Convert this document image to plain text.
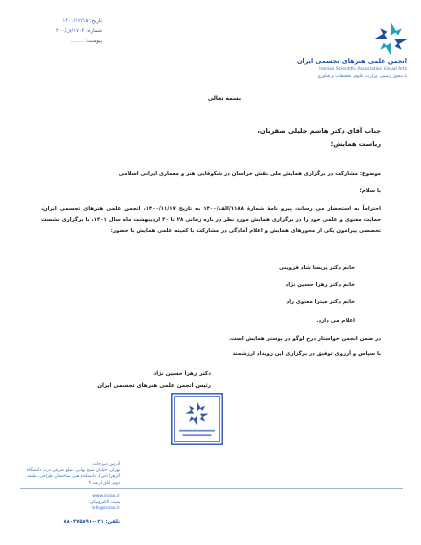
انجمن علمی هنرهای تجسمی ایران
Iranian Scientific Association Visual Arts
با مجوز رسمی وزارت علوم، تحقیقات و فناوری
تاریخ: ۱۴۰۰/۱۲/۱۵
شماره: ۱۷۰۴/ف/۴۰۰
پیوست: ........
بسمه تعالی
جناب آقای دکتر هاشم جلیلی صفریان،
ریاست همایش؛
موضوع: مشارکت در برگزاری همایش ملی نقش خراسان در شکوفایی هنر و معماری ایرانی اسلامی
با سلام؛
احتراماً به استحضار می رساند، پیرو نامهٔ شمارهٔ ۱۱۸۸/الف/۱۴۰۰ به تاریخ ۱۴۰۰/۱۱/۱۷، انجمن علمی هنرهای تجسمی ایران، حمایت معنوی و علمی خود را در برگزاری همایش مورد نظر در بازه زمانی ۲۸ تا ۳۰ اردیبهشت ماه سال ۱۴۰۱، با برگزاری نشست تخصصی پیرامون یکی از محورهای همایش و اعلام آمادگی در مشارکت با کمیته علمی همایش با حضور:
خانم دکتر پریسا شاد قزوینی
خانم دکتر زهرا حسین نژاد
خانم دکتر میترا معنوی راد
اعلام می دارد.
در ضمن انجمن خواستار درج لوگو در پوستر همایش است.
با سپاس و آرزوی توفیق در برگزاری این رویداد ارزشمند
دکتر زهرا حسین نژاد
رئیس انجمن علمی هنرهای تجسمی ایران
آدرس دبیرخانه:
تهران، خیابان شیخ بهایی، ضلع شرقی درب دانشگاه الزهرا (س)، دانشکده هنر، ساختمان طراحی، طبقه دوم، اتاق ارشد ۴
www.isvaa.ir
پست الکترونیکی:
info@isvaa.ir
تلفن: ۰۲۱-۸۸۰۴۷۵۸۹۱
